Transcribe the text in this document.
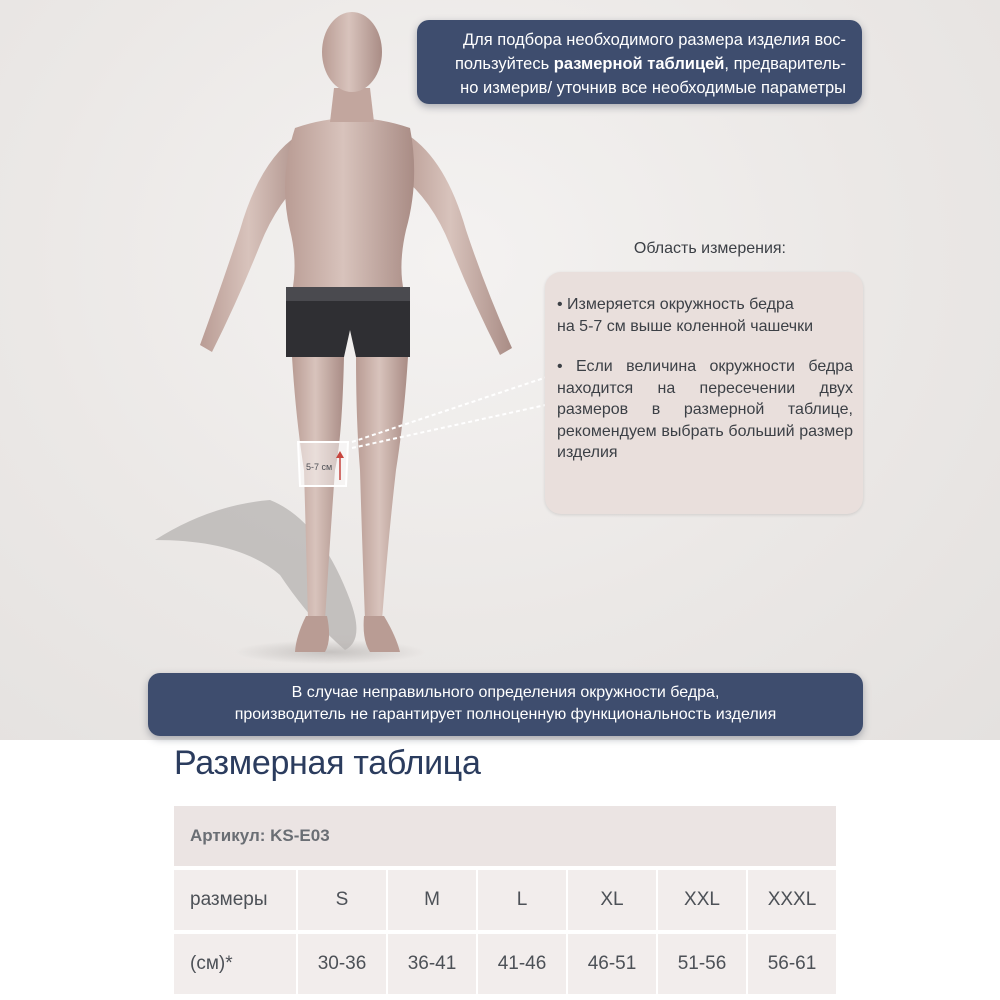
5-7 см
Для подбора необходимого размера изделия вос-
пользуйтесь размерной таблицей, предваритель-
но измерив/ уточнив все необходимые параметры
Область измерения:

• Измеряется окружность бедра
на 5-7 см выше коленной чашечки

• Если величина окружности бедра находится на пересечении двух размеров в размерной таблице, рекомендуем выбрать больший размер изделия

В случае неправильного определения окружности бедра,
производитель не гарантирует полноценную функциональность изделия
Размерная таблица
Артикул: KS-E03						
размеры	S	M	L	XL	XXL	XXXL
(см)*	30-36	36-41	41-46	46-51	51-56	56-61
